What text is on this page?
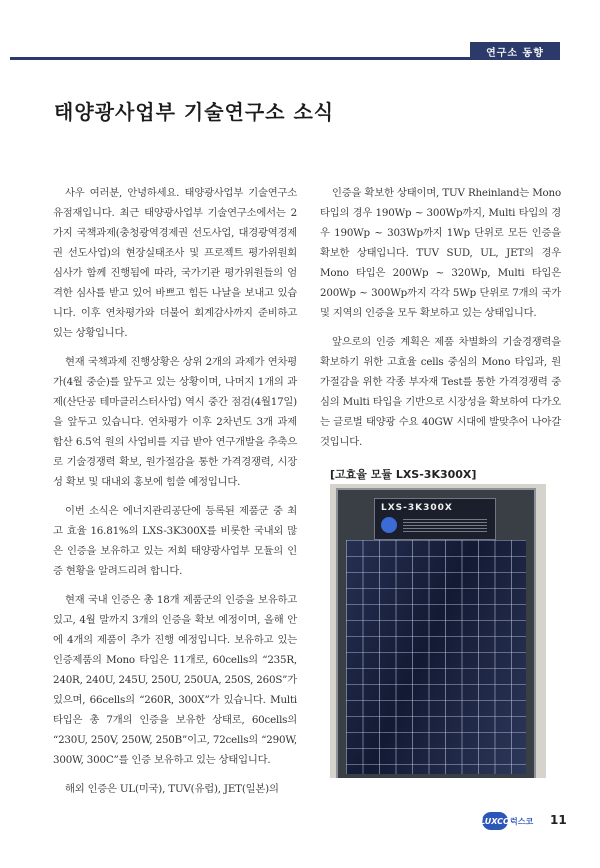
연구소 동향
태양광사업부 기술연구소 소식

사우 여러분, 안녕하세요. 태양광사업부 기술연구소 유점재입니다. 최근 태양광사업부 기술연구소에서는 2가지 국책과제(충청광역경제권 선도사업, 대경광역경제권 선도사업)의 현장실태조사 및 프로젝트 평가위원회 심사가 함께 진행됨에 따라, 국가기관 평가위원들의 엄격한 심사를 받고 있어 바쁘고 힘든 나날을 보내고 있습니다. 이후 연차평가와 더불어 회계감사까지 준비하고 있는 상황입니다.

현재 국책과제 진행상황은 상위 2개의 과제가 연차평가(4월 중순)를 앞두고 있는 상황이며, 나머지 1개의 과제(산단공 테마클러스터사업) 역시 중간 점검(4월17일)을 앞두고 있습니다. 연차평가 이후 2차년도 3개 과제 합산 6.5억 원의 사업비를 지급 받아 연구개발을 추축으로 기술경쟁력 확보, 원가절감을 통한 가격경쟁력, 시장성 확보 및 대내외 홍보에 힘쓸 예정입니다.

이번 소식은 에너지관리공단에 등록된 제품군 중 최고 효율 16.81%의 LXS-3K300X를 비롯한 국내외 많은 인증을 보유하고 있는 저희 태양광사업부 모듈의 인증 현황을 알려드리려 합니다.

현재 국내 인증은 총 18개 제품군의 인증을 보유하고 있고, 4월 말까지 3개의 인증을 확보 예정이며, 올해 안에 4개의 제품이 추가 진행 예정입니다. 보유하고 있는 인증제품의 Mono 타입은 11개로, 60cells의 “235R, 240R, 240U, 245U, 250U, 250UA, 250S, 260S”가 있으며, 66cells의 “260R, 300X”가 있습니다. Multi 타입은 총 7개의 인증을 보유한 상태로, 60cells의 “230U, 250V, 250W, 250B”이고, 72cells의 “290W, 300W, 300C”를 인증 보유하고 있는 상태입니다.

해외 인증은 UL(미국), TUV(유럽), JET(일본)의

인증을 확보한 상태이며, TUV Rheinland는 Mono 타입의 경우 190Wp ~ 300Wp까지, Multi 타입의 경우 190Wp ~ 303Wp까지 1Wp 단위로 모든 인증을 확보한 상태입니다. TUV SUD, UL, JET의 경우 Mono 타입은 200Wp ~ 320Wp, Multi 타입은 200Wp ~ 300Wp까지 각각 5Wp 단위로 7개의 국가 및 지역의 인증을 모두 확보하고 있는 상태입니다.

앞으로의 인증 계획은 제품 차별화의 기술경쟁력을 확보하기 위한 고효율 cells 중심의 Mono 타입과, 원가절감을 위한 각종 부자재 Test를 통한 가격경쟁력 중심의 Multi 타입을 기반으로 시장성을 확보하여 다가오는 글로벌 태양광 수요 40GW 시대에 발맞추어 나아갈 것입니다.

[고효율 모듈 LXS-3K300X]
LXS-3K300X
LUXCO 럭스코 11
